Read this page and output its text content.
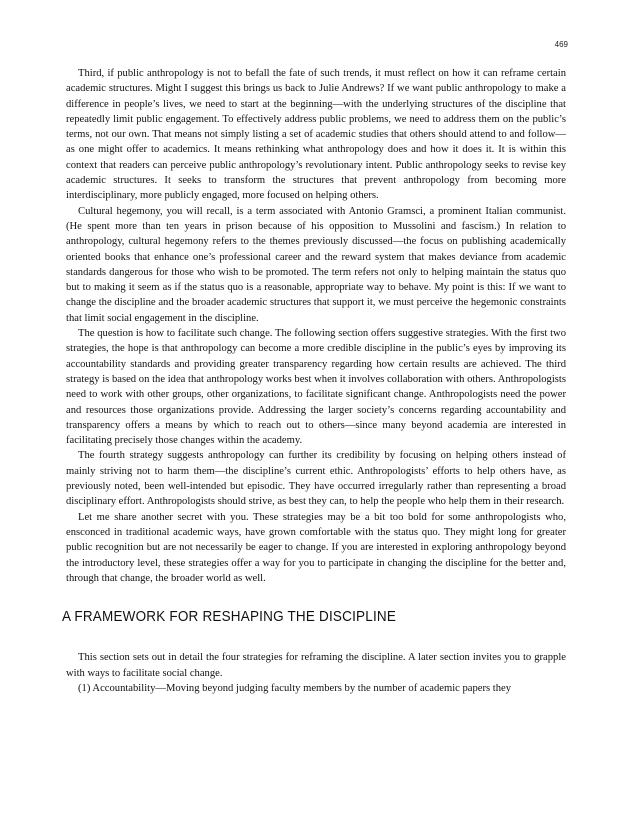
469

Third, if public anthropology is not to befall the fate of such trends, it must reflect on how it can reframe certain academic structures. Might I suggest this brings us back to Julie Andrews? If we want public anthropology to make a difference in people’s lives, we need to start at the beginning—with the underlying structures of the discipline that repeatedly limit public engagement. To effectively address public problems, we need to address them on the public’s terms, not our own. That means not simply listing a set of academic studies that others should attend to and follow—as one might offer to academics. It means rethinking what anthropology does and how it does it. It is within this context that readers can perceive public anthropology’s revolutionary intent. Public anthropology seeks to revise key academic structures. It seeks to transform the structures that prevent anthropology from becoming more interdisciplinary, more publicly engaged, more focused on helping others.

Cultural hegemony, you will recall, is a term associated with Antonio Gramsci, a prominent Italian communist. (He spent more than ten years in prison because of his opposition to Mussolini and fascism.) In relation to anthropology, cultural hegemony refers to the themes previously discussed—the focus on publishing academically oriented books that enhance one’s professional career and the reward system that makes deviance from academic standards dangerous for those who wish to be promoted. The term refers not only to helping maintain the status quo but to making it seem as if the status quo is a reasonable, appropriate way to behave. My point is this: If we want to change the discipline and the broader academic structures that support it, we must perceive the hegemonic constraints that limit social engagement in the discipline.

The question is how to facilitate such change. The following section offers suggestive strategies. With the first two strategies, the hope is that anthropology can become a more credible discipline in the public’s eyes by improving its accountability standards and providing greater transparency regarding how certain results are achieved. The third strategy is based on the idea that anthropology works best when it involves collaboration with others. Anthropologists need to work with other groups, other organizations, to facilitate significant change. Anthropologists need the power and resources those organizations provide. Addressing the larger society’s concerns regarding accountability and transparency offers a means by which to reach out to others—since many beyond academia are interested in facilitating precisely those changes within the academy.

The fourth strategy suggests anthropology can further its credibility by focusing on helping others instead of mainly striving not to harm them—the discipline’s current ethic. Anthropologists’ efforts to help others have, as previously noted, been well-intended but episodic. They have occurred irregularly rather than representing a broad disciplinary effort. Anthropologists should strive, as best they can, to help the people who help them in their research.

Let me share another secret with you. These strategies may be a bit too bold for some anthropologists who, ensconced in traditional academic ways, have grown comfortable with the status quo. They might long for greater public recognition but are not necessarily be eager to change. If you are interested in exploring anthropology beyond the introductory level, these strategies offer a way for you to participate in changing the discipline for the better and, through that change, the broader world as well.

A FRAMEWORK FOR RESHAPING THE DISCIPLINE

This section sets out in detail the four strategies for reframing the discipline. A later section invites you to grapple with ways to facilitate social change.

(1) Accountability—Moving beyond judging faculty members by the number of academic papers they
